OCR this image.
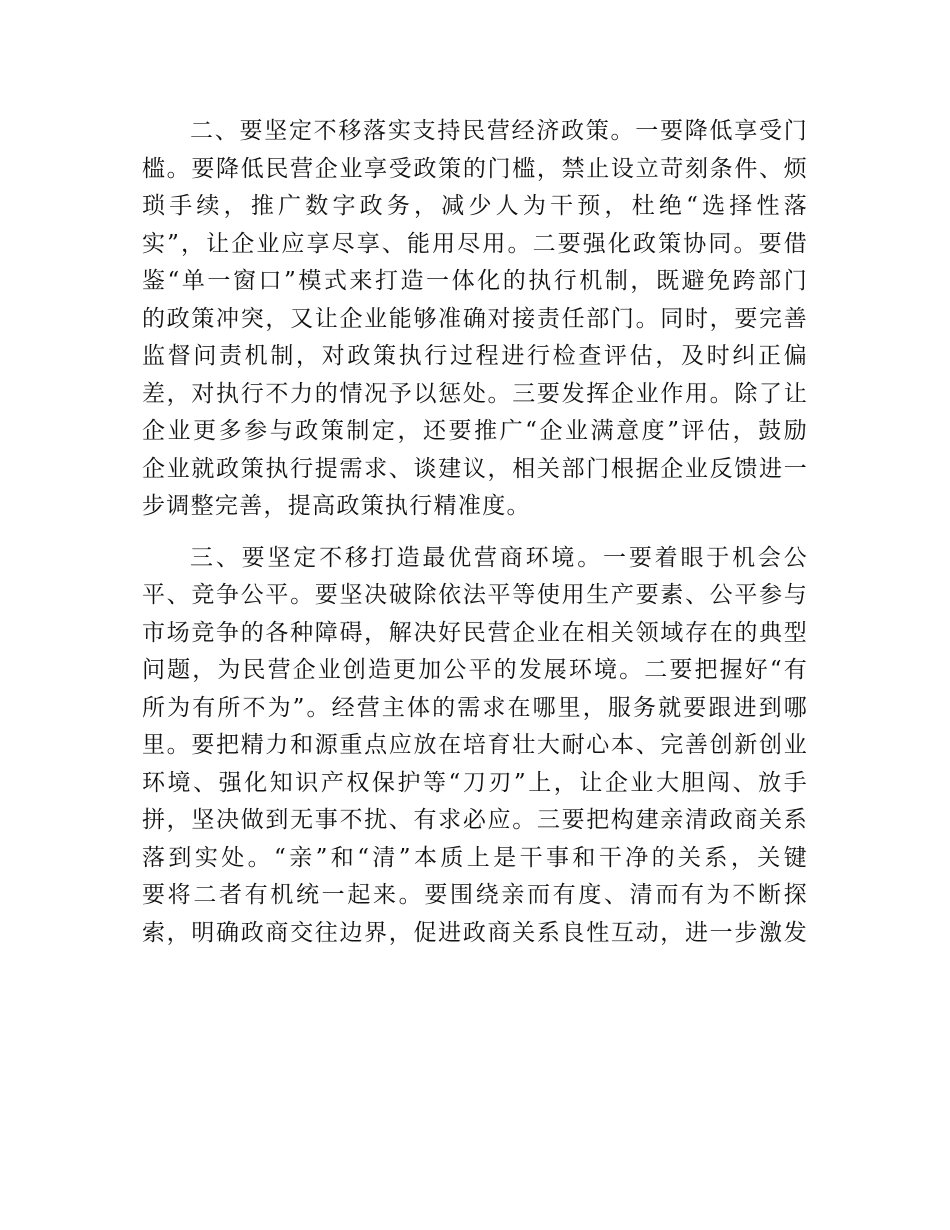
二、要坚定不移落实支持民营经济政策。一要降低享受门
槛。要降低民营企业享受政策的门槛，禁止设立苛刻条件、烦
琐手续，推广数字政务，减少人为干预，杜绝“选择性落
实”，让企业应享尽享、能用尽用。二要强化政策协同。要借
鉴“单一窗口”模式来打造一体化的执行机制，既避免跨部门
的政策冲突，又让企业能够准确对接责任部门。同时，要完善
监督问责机制，对政策执行过程进行检查评估，及时纠正偏
差，对执行不力的情况予以惩处。三要发挥企业作用。除了让
企业更多参与政策制定，还要推广“企业满意度”评估，鼓励
企业就政策执行提需求、谈建议，相关部门根据企业反馈进一
步调整完善，提高政策执行精准度。
三、要坚定不移打造最优营商环境。一要着眼于机会公
平、竞争公平。要坚决破除依法平等使用生产要素、公平参与
市场竞争的各种障碍，解决好民营企业在相关领域存在的典型
问题，为民营企业创造更加公平的发展环境。二要把握好“有
所为有所不为”。经营主体的需求在哪里，服务就要跟进到哪
里。要把精力和源重点应放在培育壮大耐心本、完善创新创业
环境、强化知识产权保护等“刀刃”上，让企业大胆闯、放手
拼，坚决做到无事不扰、有求必应。三要把构建亲清政商关系
落到实处。“亲”和“清”本质上是干事和干净的关系，关键
要将二者有机统一起来。要围绕亲而有度、清而有为不断探
索，明确政商交往边界，促进政商关系良性互动，进一步激发
